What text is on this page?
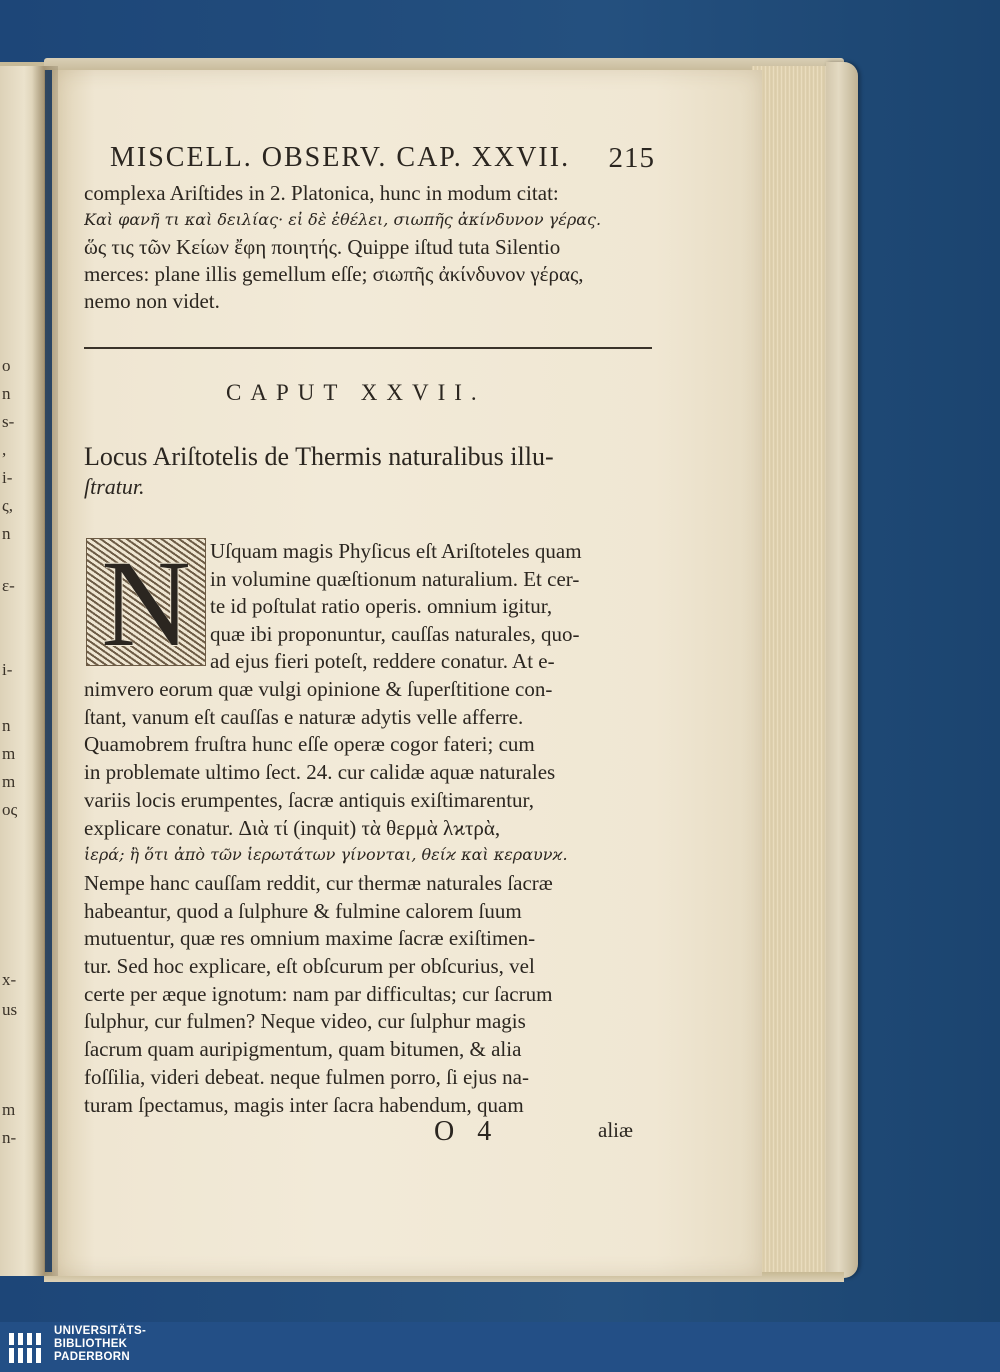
o
n
s-
,
i-
ς,
n
ε-
i-
n
m
m
oς
x-
us
m
n-
MISCELL. OBSERV. CAP. XXVII. 215
complexa Ariſtides in 2. Platonica, hunc in modum citat:
Καὶ φανῆ τι καὶ δειλίας· εἰ δὲ ἐθέλει, σιωπῆς ἀκίνδυνον γέρας.
ὥς τις τῶν Κείων ἔφη ποιητής. Quippe iſtud tuta Silentio
merces: plane illis gemellum eſſe; σιωπῆς ἀκίνδυνον γέρας,
nemo non videt.
CAPUT XXVII.
Locus Ariſtotelis de Thermis naturalibus illu-
ſtratur.
N Uſquam magis Phyſicus eſt Ariſtoteles quam
in volumine quæſtionum naturalium. Et cer-
te id poſtulat ratio operis. omnium igitur,
quæ ibi proponuntur, cauſſas naturales, quo-
ad ejus fieri poteſt, reddere conatur. At e-
nimvero eorum quæ vulgi opinione & ſuperſtitione con-
ſtant, vanum eſt cauſſas e naturæ adytis velle afferre.
Quamobrem fruſtra hunc eſſe operæ cogor fateri; cum
in problemate ultimo ſect. 24. cur calidæ aquæ naturales
variis locis erumpentes, ſacræ antiquis exiſtimarentur,
explicare conatur. Διὰ τί (inquit) τὰ θερμὰ λϰτρὰ,
ἱερά; ἢ ὅτι ἀπὸ τῶν ἱερωτάτων γίνονται, θείϰ καὶ κεραυνϰ.
Nempe hanc cauſſam reddit, cur thermæ naturales ſacræ
habeantur, quod a ſulphure & fulmine calorem ſuum
mutuentur, quæ res omnium maxime ſacræ exiſtimen-
tur. Sed hoc explicare, eſt obſcurum per obſcurius, vel
certe per æque ignotum: nam par difficultas; cur ſacrum
ſulphur, cur fulmen? Neque video, cur ſulphur magis
ſacrum quam auripigmentum, quam bitumen, & alia
foſſilia, videri debeat. neque fulmen porro, ſi ejus na-
turam ſpectamus, magis inter ſacra habendum, quam
O 4	aliæ
UNIVERSITÄTS-
BIBLIOTHEK
PADERBORN
